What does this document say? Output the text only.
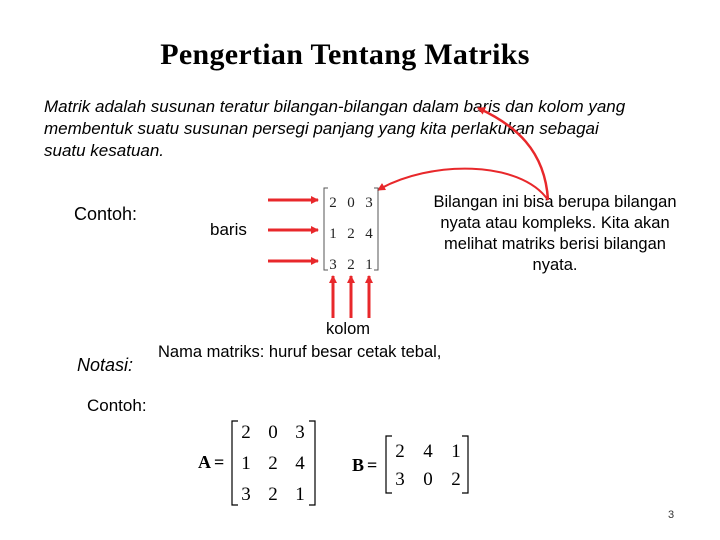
Pengertian Tentang Matriks
Matrik adalah susunan teratur bilangan-bilangan dalam baris dan kolom yang membentuk suatu susunan persegi panjang yang kita perlakukan sebagai suatu kesatuan.
Contoh:
baris
Bilangan ini bisa berupa bilangan nyata atau kompleks. Kita akan melihat matriks berisi bilangan nyata.
kolom
Notasi:
Nama matriks: huruf besar cetak tebal,
Contoh:
3
2 0 3
1 2 4
3 2 1
A =
2 0 3
1 2 4
3 2 1
B =
2 4 1
3 0 2
